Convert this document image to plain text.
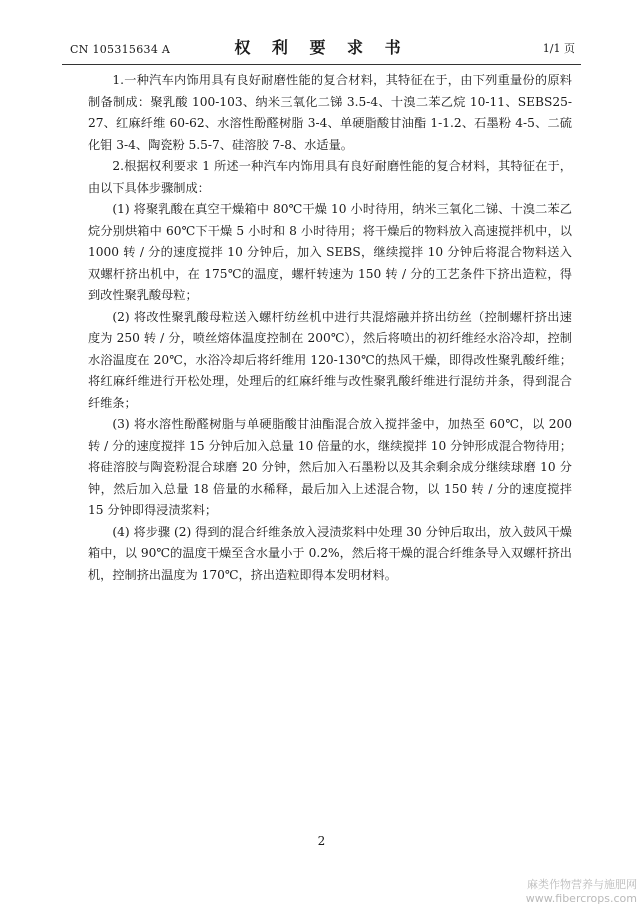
CN 105315634 A	权 利 要 求 书	1/1 页

1.一种汽车内饰用具有良好耐磨性能的复合材料，其特征在于，由下列重量份的原料制备制成：聚乳酸 100-103、纳米三氧化二锑 3.5-4、十溴二苯乙烷 10-11、SEBS25-27、红麻纤维 60-62、水溶性酚醛树脂 3-4、单硬脂酸甘油酯 1-1.2、石墨粉 4-5、二硫化钼 3-4、陶瓷粉 5.5-7、硅溶胶 7-8、水适量。

2.根据权利要求 1 所述一种汽车内饰用具有良好耐磨性能的复合材料，其特征在于，由以下具体步骤制成：

(1) 将聚乳酸在真空干燥箱中 80℃干燥 10 小时待用，纳米三氧化二锑、十溴二苯乙烷分别烘箱中 60℃下干燥 5 小时和 8 小时待用；将干燥后的物料放入高速搅拌机中，以 1000 转 / 分的速度搅拌 10 分钟后，加入 SEBS，继续搅拌 10 分钟后将混合物料送入双螺杆挤出机中，在 175℃的温度，螺杆转速为 150 转 / 分的工艺条件下挤出造粒，得到改性聚乳酸母粒；

(2) 将改性聚乳酸母粒送入螺杆纺丝机中进行共混熔融并挤出纺丝（控制螺杆挤出速度为 250 转 / 分，喷丝熔体温度控制在 200℃），然后将喷出的初纤维经水浴冷却，控制水浴温度在 20℃，水浴冷却后将纤维用 120-130℃的热风干燥，即得改性聚乳酸纤维；将红麻纤维进行开松处理，处理后的红麻纤维与改性聚乳酸纤维进行混纺并条，得到混合纤维条；

(3) 将水溶性酚醛树脂与单硬脂酸甘油酯混合放入搅拌釜中，加热至 60℃，以 200 转 / 分的速度搅拌 15 分钟后加入总量 10 倍量的水，继续搅拌 10 分钟形成混合物待用；将硅溶胶与陶瓷粉混合球磨 20 分钟，然后加入石墨粉以及其余剩余成分继续球磨 10 分钟，然后加入总量 18 倍量的水稀释，最后加入上述混合物，以 150 转 / 分的速度搅拌 15 分钟即得浸渍浆料；

(4) 将步骤 (2) 得到的混合纤维条放入浸渍浆料中处理 30 分钟后取出，放入鼓风干燥箱中，以 90℃的温度干燥至含水量小于 0.2%，然后将干燥的混合纤维条导入双螺杆挤出机，控制挤出温度为 170℃，挤出造粒即得本发明材料。

2
麻类作物营养与施肥网
www.fibercrops.com
